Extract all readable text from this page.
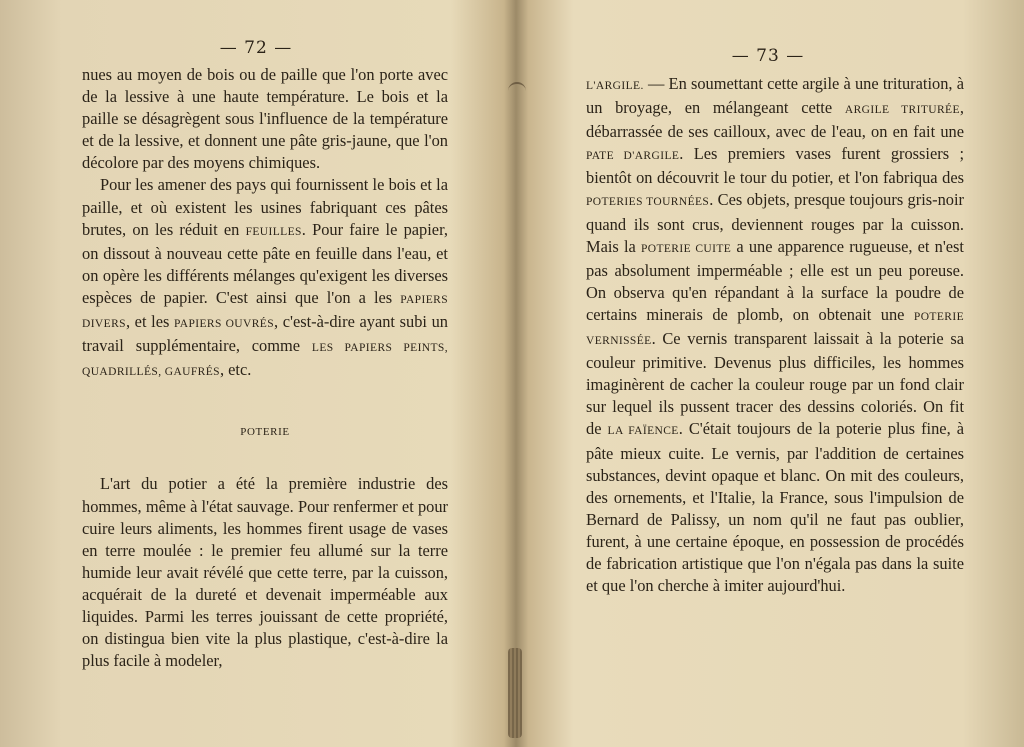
— 72 —

nues au moyen de bois ou de paille que l'on porte avec de la lessive à une haute température. Le bois et la paille se désagrègent sous l'influence de la température et de la lessive, et donnent une pâte gris-jaune, que l'on décolore par des moyens chimiques.

Pour les amener des pays qui fournissent le bois et la paille, et où existent les usines fabriquant ces pâtes brutes, on les réduit en FEUILLES. Pour faire le papier, on dissout à nouveau cette pâte en feuille dans l'eau, et on opère les différents mélanges qu'exigent les diverses espèces de papier. C'est ainsi que l'on a les PAPIERS DIVERS, et les PAPIERS OUVRÉS, c'est-à-dire ayant subi un travail supplémentaire, comme LES PAPIERS PEINTS, QUADRILLÉS, GAUFRÉS, etc.

POTERIE

L'art du potier a été la première industrie des hommes, même à l'état sauvage. Pour renfermer et pour cuire leurs aliments, les hommes firent usage de vases en terre moulée : le premier feu allumé sur la terre humide leur avait révélé que cette terre, par la cuisson, acquérait de la dureté et devenait imperméable aux liquides. Parmi les terres jouissant de cette propriété, on distingua bien vite la plus plastique, c'est-à-dire la plus facile à modeler,

— 73 —

L'ARGILE. — En soumettant cette argile à une trituration, à un broyage, en mélangeant cette ARGILE TRITURÉE, débarrassée de ses cailloux, avec de l'eau, on en fait une PATE D'ARGILE. Les premiers vases furent grossiers ; bientôt on découvrit le tour du potier, et l'on fabriqua des POTERIES TOURNÉES. Ces objets, presque toujours gris-noir quand ils sont crus, deviennent rouges par la cuisson. Mais la POTERIE CUITE a une apparence rugueuse, et n'est pas absolument imperméable ; elle est un peu poreuse. On observa qu'en répandant à la surface la poudre de certains minerais de plomb, on obtenait une POTERIE VERNISSÉE. Ce vernis transparent laissait à la poterie sa couleur primitive. Devenus plus difficiles, les hommes imaginèrent de cacher la couleur rouge par un fond clair sur lequel ils pussent tracer des dessins coloriés. On fit de LA FAÏENCE. C'était toujours de la poterie plus fine, à pâte mieux cuite. Le vernis, par l'addition de certaines substances, devint opaque et blanc. On mit des couleurs, des ornements, et l'Italie, la France, sous l'impulsion de Bernard de Palissy, un nom qu'il ne faut pas oublier, furent, à une certaine époque, en possession de procédés de fabrication artistique que l'on n'égala pas dans la suite et que l'on cherche à imiter aujourd'hui.
